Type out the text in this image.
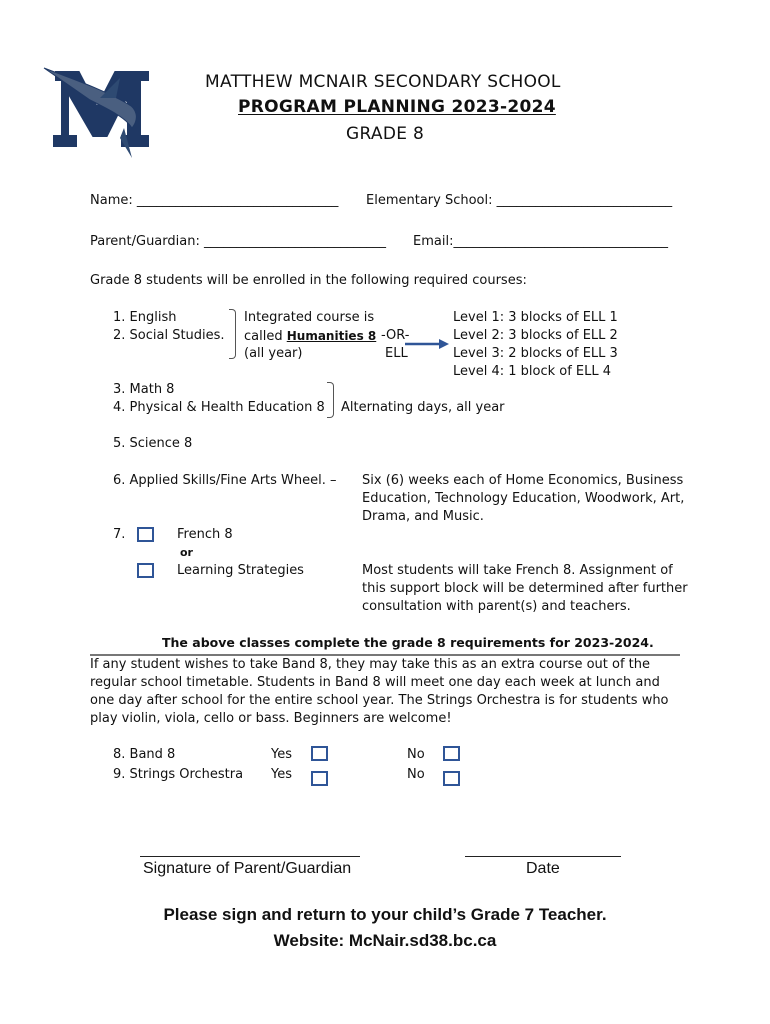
MATTHEW MCNAIR SECONDARY SCHOOL
PROGRAM PLANNING 2023-2024
GRADE 8
Name: _______________________________ Elementary School: ___________________________
Parent/Guardian: ____________________________ Email:_________________________________
Grade 8 students will be enrolled in the following required courses:
1. English
2. Social Studies.
Integrated course is
called Humanities 8
(all year)
-OR-
ELL
Level 1: 3 blocks of ELL 1
Level 2: 3 blocks of ELL 2
Level 3: 2 blocks of ELL 3
Level 4: 1 block of ELL 4
3. Math 8
4. Physical & Health Education 8 Alternating days, all year
5. Science 8
6. Applied Skills/Fine Arts Wheel. – Six (6) weeks each of Home Economics, Business
Education, Technology Education, Woodwork, Art,
Drama, and Music.
7.	French 8
or
Learning Strategies	Most students will take French 8. Assignment of
this support block will be determined after further
consultation with parent(s) and teachers.
The above classes complete the grade 8 requirements for 2023-2024.
If any student wishes to take Band 8, they may take this as an extra course out of the regular school timetable. Students in Band 8 will meet one day each week at lunch and one day after school for the entire school year. The Strings Orchestra is for students who play violin, viola, cello or bass. Beginners are welcome!
8. Band 8	Yes	No
9. Strings Orchestra Yes	No
Signature of Parent/Guardian	Date
Please sign and return to your child’s Grade 7 Teacher.
Website: McNair.sd38.bc.ca
